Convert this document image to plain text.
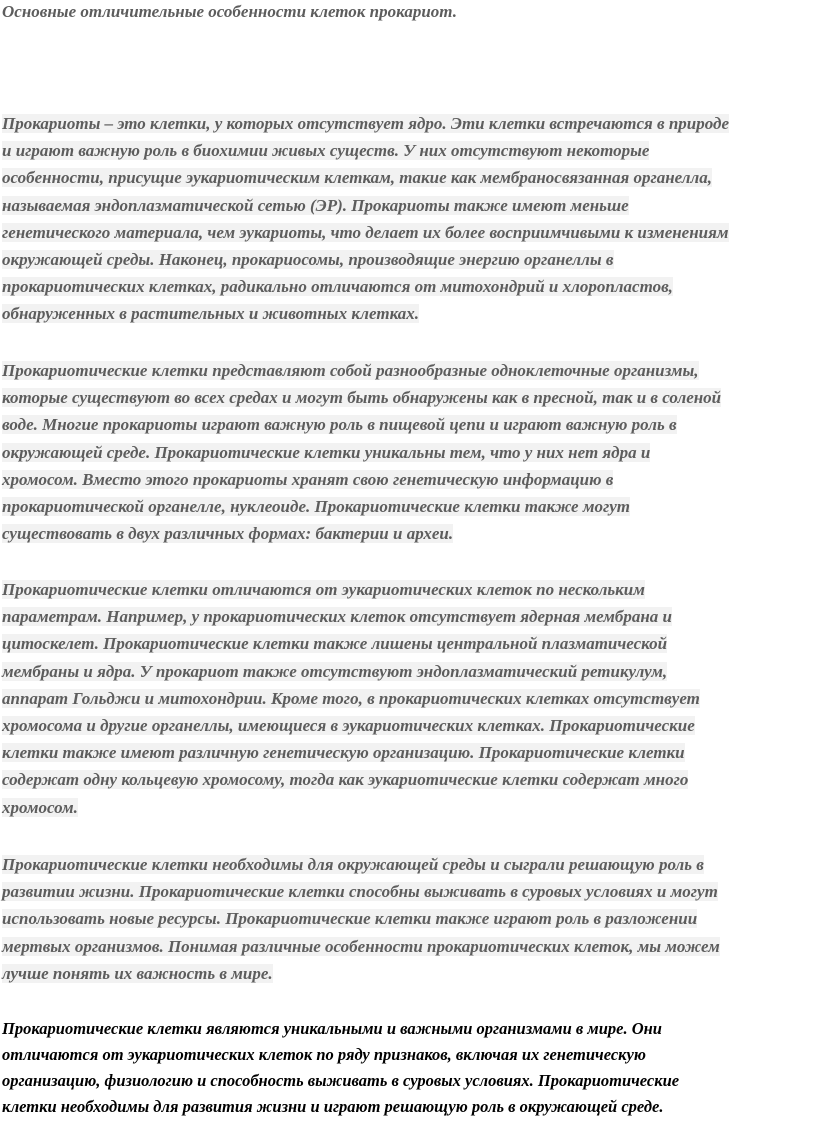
Основные отличительные особенности клеток прокариот.

Прокариоты – это клетки, у которых отсутствует ядро. Эти клетки встречаются в природе
и играют важную роль в биохимии живых существ. У них отсутствуют некоторые
особенности, присущие эукариотическим клеткам, такие как мембраносвязанная органелла,
называемая эндоплазматической сетью (ЭР). Прокариоты также имеют меньше
генетического материала, чем эукариоты, что делает их более восприимчивыми к изменениям
окружающей среды. Наконец, прокариосомы, производящие энергию органеллы в
прокариотических клетках, радикально отличаются от митохондрий и хлоропластов,
обнаруженных в растительных и животных клетках.
Прокариотические клетки представляют собой разнообразные одноклеточные организмы,
которые существуют во всех средах и могут быть обнаружены как в пресной, так и в соленой
воде. Многие прокариоты играют важную роль в пищевой цепи и играют важную роль в
окружающей среде. Прокариотические клетки уникальны тем, что у них нет ядра и
хромосом. Вместо этого прокариоты хранят свою генетическую информацию в
прокариотической органелле, нуклеоиде. Прокариотические клетки также могут
существовать в двух различных формах: бактерии и археи.
Прокариотические клетки отличаются от эукариотических клеток по нескольким
параметрам. Например, у прокариотических клеток отсутствует ядерная мембрана и
цитоскелет. Прокариотические клетки также лишены центральной плазматической
мембраны и ядра. У прокариот также отсутствуют эндоплазматический ретикулум,
аппарат Гольджи и митохондрии. Кроме того, в прокариотических клетках отсутствует
хромосома и другие органеллы, имеющиеся в эукариотических клетках. Прокариотические
клетки также имеют различную генетическую организацию. Прокариотические клетки
содержат одну кольцевую хромосому, тогда как эукариотические клетки содержат много
хромосом.
Прокариотические клетки необходимы для окружающей среды и сыграли решающую роль в
развитии жизни. Прокариотические клетки способны выживать в суровых условиях и могут
использовать новые ресурсы. Прокариотические клетки также играют роль в разложении
мертвых организмов. Понимая различные особенности прокариотических клеток, мы можем
лучше понять их важность в мире.
Прокариотические клетки являются уникальными и важными организмами в мире. Они
отличаются от эукариотических клеток по ряду признаков, включая их генетическую
организацию, физиологию и способность выживать в суровых условиях. Прокариотические
клетки необходимы для развития жизни и играют решающую роль в окружающей среде.
